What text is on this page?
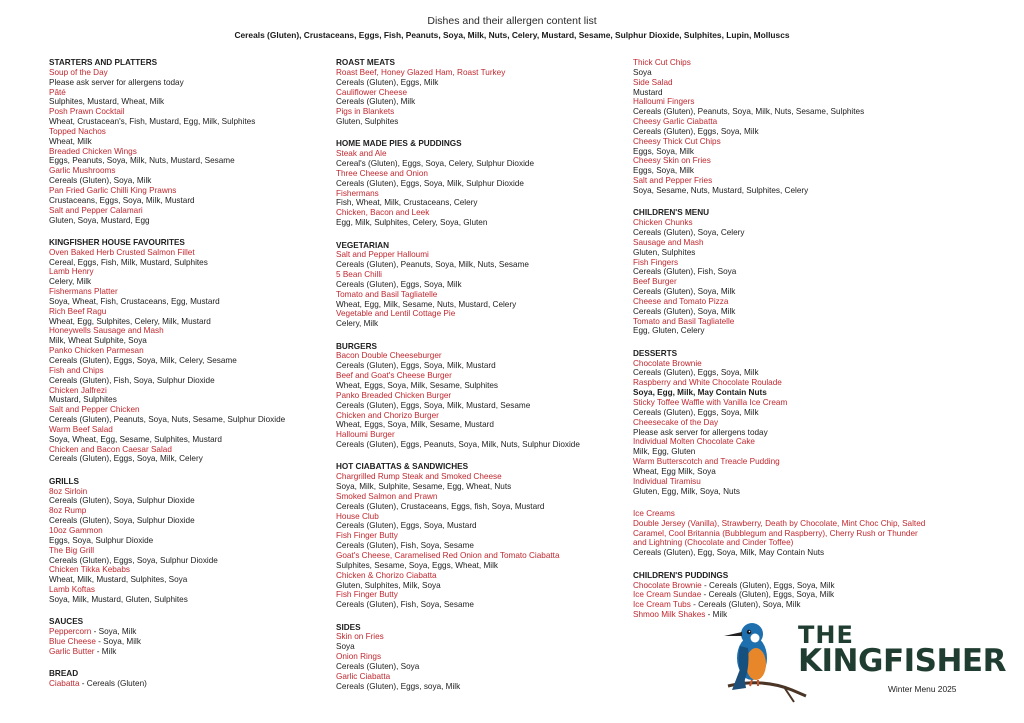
Dishes and their allergen content list
Cereals (Gluten), Crustaceans, Eggs, Fish, Peanuts, Soya, Milk, Nuts, Celery, Mustard, Sesame, Sulphur Dioxide, Sulphites, Lupin, Molluscs
STARTERS AND PLATTERS
Soup of the Day
Please ask server for allergens today
Pâté
Sulphites, Mustard, Wheat, Milk
Posh Prawn Cocktail
Wheat, Crustacean's, Fish, Mustard, Egg, Milk, Sulphites
Topped Nachos
Wheat, Milk
Breaded Chicken Wings
Eggs, Peanuts, Soya, Milk, Nuts, Mustard, Sesame
Garlic Mushrooms
Cereals (Gluten), Soya, Milk
Pan Fried Garlic Chilli King Prawns
Crustaceans, Eggs, Soya, Milk, Mustard
Salt and Pepper Calamari
Gluten, Soya, Mustard, Egg
KINGFISHER HOUSE FAVOURITES
Oven Baked Herb Crusted Salmon Fillet
Cereal, Eggs, Fish, Milk, Mustard, Sulphites
Lamb Henry
Celery, Milk
Fishermans Platter
Soya, Wheat, Fish, Crustaceans, Egg, Mustard
Rich Beef Ragu
Wheat, Egg, Sulphites, Celery, Milk, Mustard
Honeywells Sausage and Mash
Milk, Wheat Sulphite, Soya
Panko Chicken Parmesan
Cereals (Gluten), Eggs, Soya, Milk, Celery, Sesame
Fish and Chips
Cereals (Gluten), Fish, Soya, Sulphur Dioxide
Chicken Jalfrezi
Mustard, Sulphites
Salt and Pepper Chicken
Cereals (Gluten), Peanuts, Soya, Nuts, Sesame, Sulphur Dioxide
Warm Beef Salad
Soya, Wheat, Egg, Sesame, Sulphites, Mustard
Chicken and Bacon Caesar Salad
Cereals (Gluten), Eggs, Soya, Milk, Celery
GRILLS
8oz Sirloin
Cereals (Gluten), Soya, Sulphur Dioxide
8oz Rump
Cereals (Gluten), Soya, Sulphur Dioxide
10oz Gammon
Eggs, Soya, Sulphur Dioxide
The Big Grill
Cereals (Gluten), Eggs, Soya, Sulphur Dioxide
Chicken Tikka Kebabs
Wheat, Milk, Mustard, Sulphites, Soya
Lamb Koftas
Soya, Milk, Mustard, Gluten, Sulphites
SAUCES
Peppercorn - Soya, Milk
Blue Cheese - Soya, Milk
Garlic Butter - Milk
BREAD
Ciabatta - Cereals (Gluten)
ROAST MEATS
Roast Beef, Honey Glazed Ham, Roast Turkey
Cereals (Gluten), Eggs, Milk
Cauliflower Cheese
Cereals (Gluten), Milk
Pigs in Blankets
Gluten, Sulphites
HOME MADE PIES & PUDDINGS
Steak and Ale
Cereal's (Gluten), Eggs, Soya, Celery, Sulphur Dioxide
Three Cheese and Onion
Cereals (Gluten), Eggs, Soya, Milk, Sulphur Dioxide
Fishermans
Fish, Wheat, Milk, Crustaceans, Celery
Chicken, Bacon and Leek
Egg, Milk, Sulphites, Celery, Soya, Gluten
VEGETARIAN
Salt and Pepper Halloumi
Cereals (Gluten), Peanuts, Soya, Milk, Nuts, Sesame
5 Bean Chilli
Cereals (Gluten), Eggs, Soya, Milk
Tomato and Basil Tagliatelle
Wheat, Egg, Milk, Sesame, Nuts, Mustard, Celery
Vegetable and Lentil Cottage Pie
Celery, Milk
BURGERS
Bacon Double Cheeseburger
Cereals (Gluten), Eggs, Soya, Milk, Mustard
Beef and Goat's Cheese Burger
Wheat, Eggs, Soya, Milk, Sesame, Sulphites
Panko Breaded Chicken Burger
Cereals (Gluten), Eggs, Soya, Milk, Mustard, Sesame
Chicken and Chorizo Burger
Wheat, Eggs, Soya, Milk, Sesame, Mustard
Halloumi Burger
Cereals (Gluten), Eggs, Peanuts, Soya, Milk, Nuts, Sulphur Dioxide
HOT CIABATTAS & SANDWICHES
Chargrilled Rump Steak and Smoked Cheese
Soya, Milk, Sulphite, Sesame, Egg, Wheat, Nuts
Smoked Salmon and Prawn
Cereals (Gluten), Crustaceans, Eggs, fish, Soya, Mustard
House Club
Cereals (Gluten), Eggs, Soya, Mustard
Fish Finger Butty
Cereals (Gluten), Fish, Soya, Sesame
Goat's Cheese, Caramelised Red Onion and Tomato Ciabatta
Sulphites, Sesame, Soya, Eggs, Wheat, Milk
Chicken & Chorizo Ciabatta
Gluten, Sulphites, Milk, Soya
Fish Finger Butty
Cereals (Gluten), Fish, Soya, Sesame
SIDES
Skin on Fries
Soya
Onion Rings
Cereals (Gluten), Soya
Garlic Ciabatta
Cereals (Gluten), Eggs, soya, Milk
Thick Cut Chips
Soya
Side Salad
Mustard
Halloumi Fingers
Cereals (Gluten), Peanuts, Soya, Milk, Nuts, Sesame, Sulphites
Cheesy Garlic Ciabatta
Cereals (Gluten), Eggs, Soya, Milk
Cheesy Thick Cut Chips
Eggs, Soya, Milk
Cheesy Skin on Fries
Eggs, Soya, Milk
Salt and Pepper Fries
Soya, Sesame, Nuts, Mustard, Sulphites, Celery
CHILDREN'S MENU
Chicken Chunks
Cereals (Gluten), Soya, Celery
Sausage and Mash
Gluten, Sulphites
Fish Fingers
Cereals (Gluten), Fish, Soya
Beef Burger
Cereals (Gluten), Soya, Milk
Cheese and Tomato Pizza
Cereals (Gluten), Soya, Milk
Tomato and Basil Tagliatelle
Egg, Gluten, Celery
DESSERTS
Chocolate Brownie
Cereals (Gluten), Eggs, Soya, Milk
Raspberry and White Chocolate Roulade
Soya, Egg, Milk, May Contain Nuts
Sticky Toffee Waffle with Vanilla Ice Cream
Cereals (Gluten), Eggs, Soya, Milk
Cheesecake of the Day
Please ask server for allergens today
Individual Molten Chocolate Cake
Milk, Egg, Gluten
Warm Butterscotch and Treacle Pudding
Wheat, Egg Milk, Soya
Individual Tiramisu
Gluten, Egg, Milk, Soya, Nuts
Ice Creams
Double Jersey (Vanilla), Strawberry, Death by Chocolate, Mint Choc Chip, Salted Caramel, Cool Britannia (Bubblegum and Raspberry), Cherry Rush or Thunder and Lightning (Chocolate and Cinder Toffee)
Cereals (Gluten), Egg, Soya, Milk, May Contain Nuts
CHILDREN'S PUDDINGS
Chocolate Brownie - Cereals (Gluten), Eggs, Soya, Milk
Ice Cream Sundae - Cereals (Gluten), Eggs, Soya, Milk
Ice Cream Tubs - Cereals (Gluten), Soya, Milk
Shmoo Milk Shakes - Milk
THE
KINGFISHER
Winter Menu 2025
